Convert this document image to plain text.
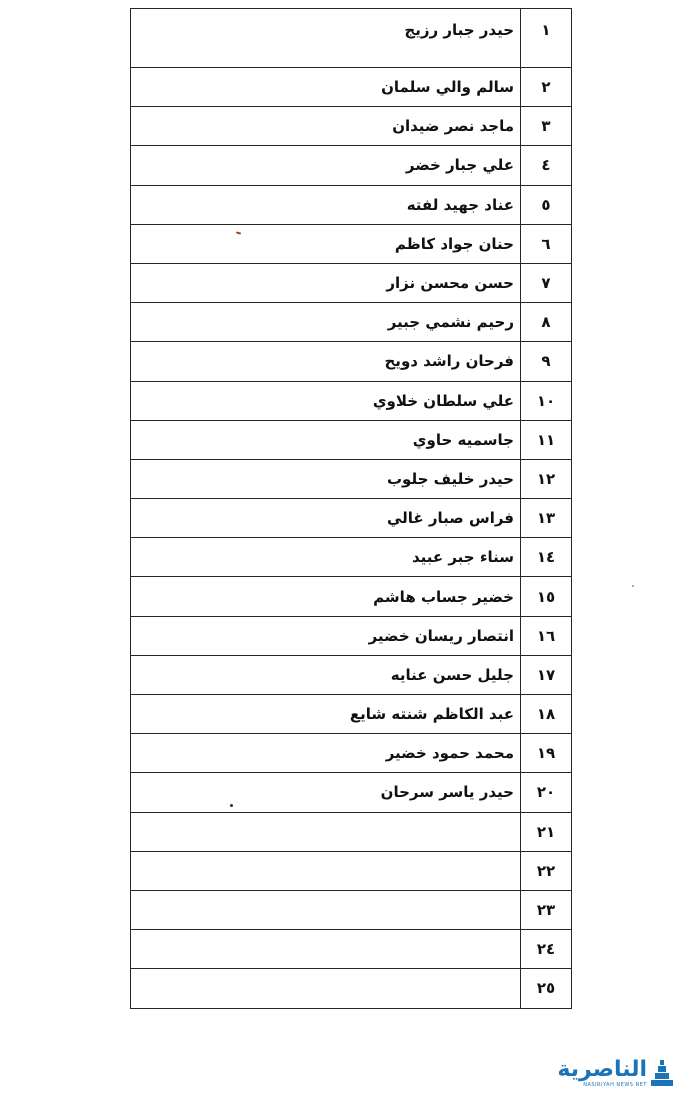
١	حيدر جبار رزيج

٢	سالم والي سلمان
٣	ماجد نصر ضيدان
٤	علي جبار خضر
٥	عناد جهيد لفته
٦	حنان جواد كاظم
٧	حسن محسن نزار
٨	رحيم نشمي جبير
٩	فرحان راشد دويح
١٠	علي سلطان خلاوي
١١	جاسميه حاوي
١٢	حيدر خليف جلوب
١٣	فراس صبار غالي
١٤	سناء جبر عبيد
١٥	خضير جساب هاشم
١٦	انتصار ريسان خضير
١٧	جليل حسن عنايه
١٨	عبد الكاظم شنته شايع
١٩	محمد حمود خضير
٢٠	حيدر ياسر سرحان
٢١	
٢٢	
٢٣	
٢٤	
٢٥	
الناصرية
NASIRIYAH NEWS NET
